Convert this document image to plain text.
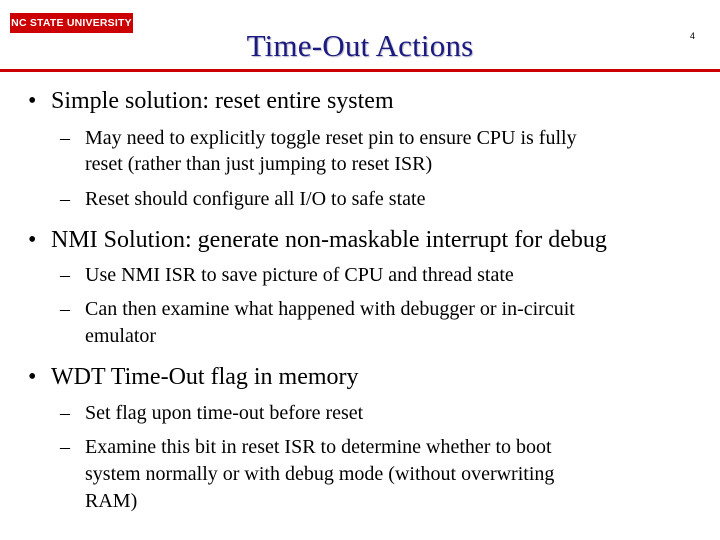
NC STATE UNIVERSITY
Time-Out Actions	4
• Simple solution: reset entire system
– May need to explicitly toggle reset pin to ensure CPU is fully
reset (rather than just jumping to reset ISR)
– Reset should configure all I/O to safe state
• NMI Solution: generate non-maskable interrupt for debug
– Use NMI ISR to save picture of CPU and thread state
– Can then examine what happened with debugger or in-circuit
emulator
• WDT Time-Out flag in memory
– Set flag upon time-out before reset
– Examine this bit in reset ISR to determine whether to boot
system normally or with debug mode (without overwriting
RAM)
